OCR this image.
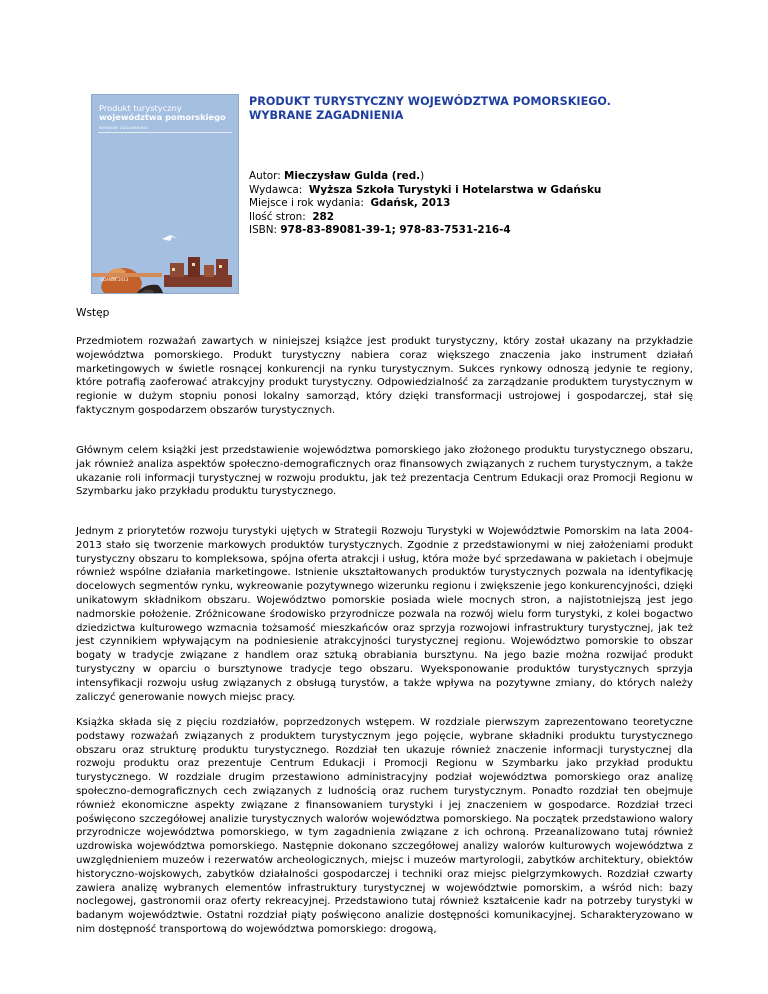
Produkt turystyczny
województwa pomorskiego
WYBRANE ZAGADNIENIA
GDAŃSK 2013
PRODUKT TURYSTYCZNY WOJEWÓDZTWA POMORSKIEGO.
WYBRANE ZAGADNIENIA
Autor: Mieczysław Gulda (red.)
Wydawca: Wyższa Szkoła Turystyki i Hotelarstwa w Gdańsku
Miejsce i rok wydania: Gdańsk, 2013
Ilość stron: 282
ISBN: 978-83-89081-39-1; 978-83-7531-216-4
Wstęp

Przedmiotem rozważań zawartych w niniejszej książce jest produkt turystyczny, który został ukazany na przykładzie województwa pomorskiego. Produkt turystyczny nabiera coraz większego znaczenia jako instrument działań marketingowych w świetle rosnącej konkurencji na rynku turystycznym. Sukces rynkowy odnoszą jedynie te regiony, które potrafią zaoferować atrakcyjny produkt turystyczny. Odpowiedzialność za zarządzanie produktem turystycznym w regionie w dużym stopniu ponosi lokalny samorząd, który dzięki transformacji ustrojowej i gospodarczej, stał się faktycznym gospodarzem obszarów turystycznych.

Głównym celem książki jest przedstawienie województwa pomorskiego jako złożonego produktu turystycznego obszaru, jak również analiza aspektów społeczno-demograficznych oraz finansowych związanych z ruchem turystycznym, a także ukazanie roli informacji turystycznej w rozwoju produktu, jak też prezentacja Centrum Edukacji oraz Promocji Regionu w Szymbarku jako przykładu produktu turystycznego.

Jednym z priorytetów rozwoju turystyki ujętych w Strategii Rozwoju Turystyki w Województwie Pomorskim na lata 2004-2013 stało się tworzenie markowych produktów turystycznych. Zgodnie z przedstawionymi w niej założeniami produkt turystyczny obszaru to kompleksowa, spójna oferta atrakcji i usług, która może być sprzedawana w pakietach i obejmuje również wspólne działania marketingowe. Istnienie ukształtowanych produktów turystycznych pozwala na identyfikację docelowych segmentów rynku, wykreowanie pozytywnego wizerunku regionu i zwiększenie jego konkurencyjności, dzięki unikatowym składnikom obszaru. Województwo pomorskie posiada wiele mocnych stron, a najistotniejszą jest jego nadmorskie położenie. Zróżnicowane środowisko przyrodnicze pozwala na rozwój wielu form turystyki, z kolei bogactwo dziedzictwa kulturowego wzmacnia tożsamość mieszkańców oraz sprzyja rozwojowi infrastruktury turystycznej, jak też jest czynnikiem wpływającym na podniesienie atrakcyjności turystycznej regionu. Województwo pomorskie to obszar bogaty w tradycje związane z handlem oraz sztuką obrabiania bursztynu. Na jego bazie można rozwijać produkt turystyczny w oparciu o bursztynowe tradycje tego obszaru. Wyeksponowanie produktów turystycznych sprzyja intensyfikacji rozwoju usług związanych z obsługą turystów, a także wpływa na pozytywne zmiany, do których należy zaliczyć generowanie nowych miejsc pracy.

Książka składa się z pięciu rozdziałów, poprzedzonych wstępem. W rozdziale pierwszym zaprezentowano teoretyczne podstawy rozważań związanych z produktem turystycznym jego pojęcie, wybrane składniki produktu turystycznego obszaru oraz strukturę produktu turystycznego. Rozdział ten ukazuje również znaczenie informacji turystycznej dla rozwoju produktu oraz prezentuje Centrum Edukacji i Promocji Regionu w Szymbarku jako przykład produktu turystycznego. W rozdziale drugim przestawiono administracyjny podział województwa pomorskiego oraz analizę społeczno-demograficznych cech związanych z ludnością oraz ruchem turystycznym. Ponadto rozdział ten obejmuje również ekonomiczne aspekty związane z finansowaniem turystyki i jej znaczeniem w gospodarce. Rozdział trzeci poświęcono szczegółowej analizie turystycznych walorów województwa pomorskiego. Na początek przedstawiono walory przyrodnicze województwa pomorskiego, w tym zagadnienia związane z ich ochroną. Przeanalizowano tutaj również uzdrowiska województwa pomorskiego. Następnie dokonano szczegółowej analizy walorów kulturowych województwa z uwzględnieniem muzeów i rezerwatów archeologicznych, miejsc i muzeów martyrologii, zabytków architektury, obiektów historyczno-wojskowych, zabytków działalności gospodarczej i techniki oraz miejsc pielgrzymkowych. Rozdział czwarty zawiera analizę wybranych elementów infrastruktury turystycznej w województwie pomorskim, a wśród nich: bazy noclegowej, gastronomii oraz oferty rekreacyjnej. Przedstawiono tutaj również kształcenie kadr na potrzeby turystyki w badanym województwie. Ostatni rozdział piąty poświęcono analizie dostępności komunikacyjnej. Scharakteryzowano w nim dostępność transportową do województwa pomorskiego: drogową,
